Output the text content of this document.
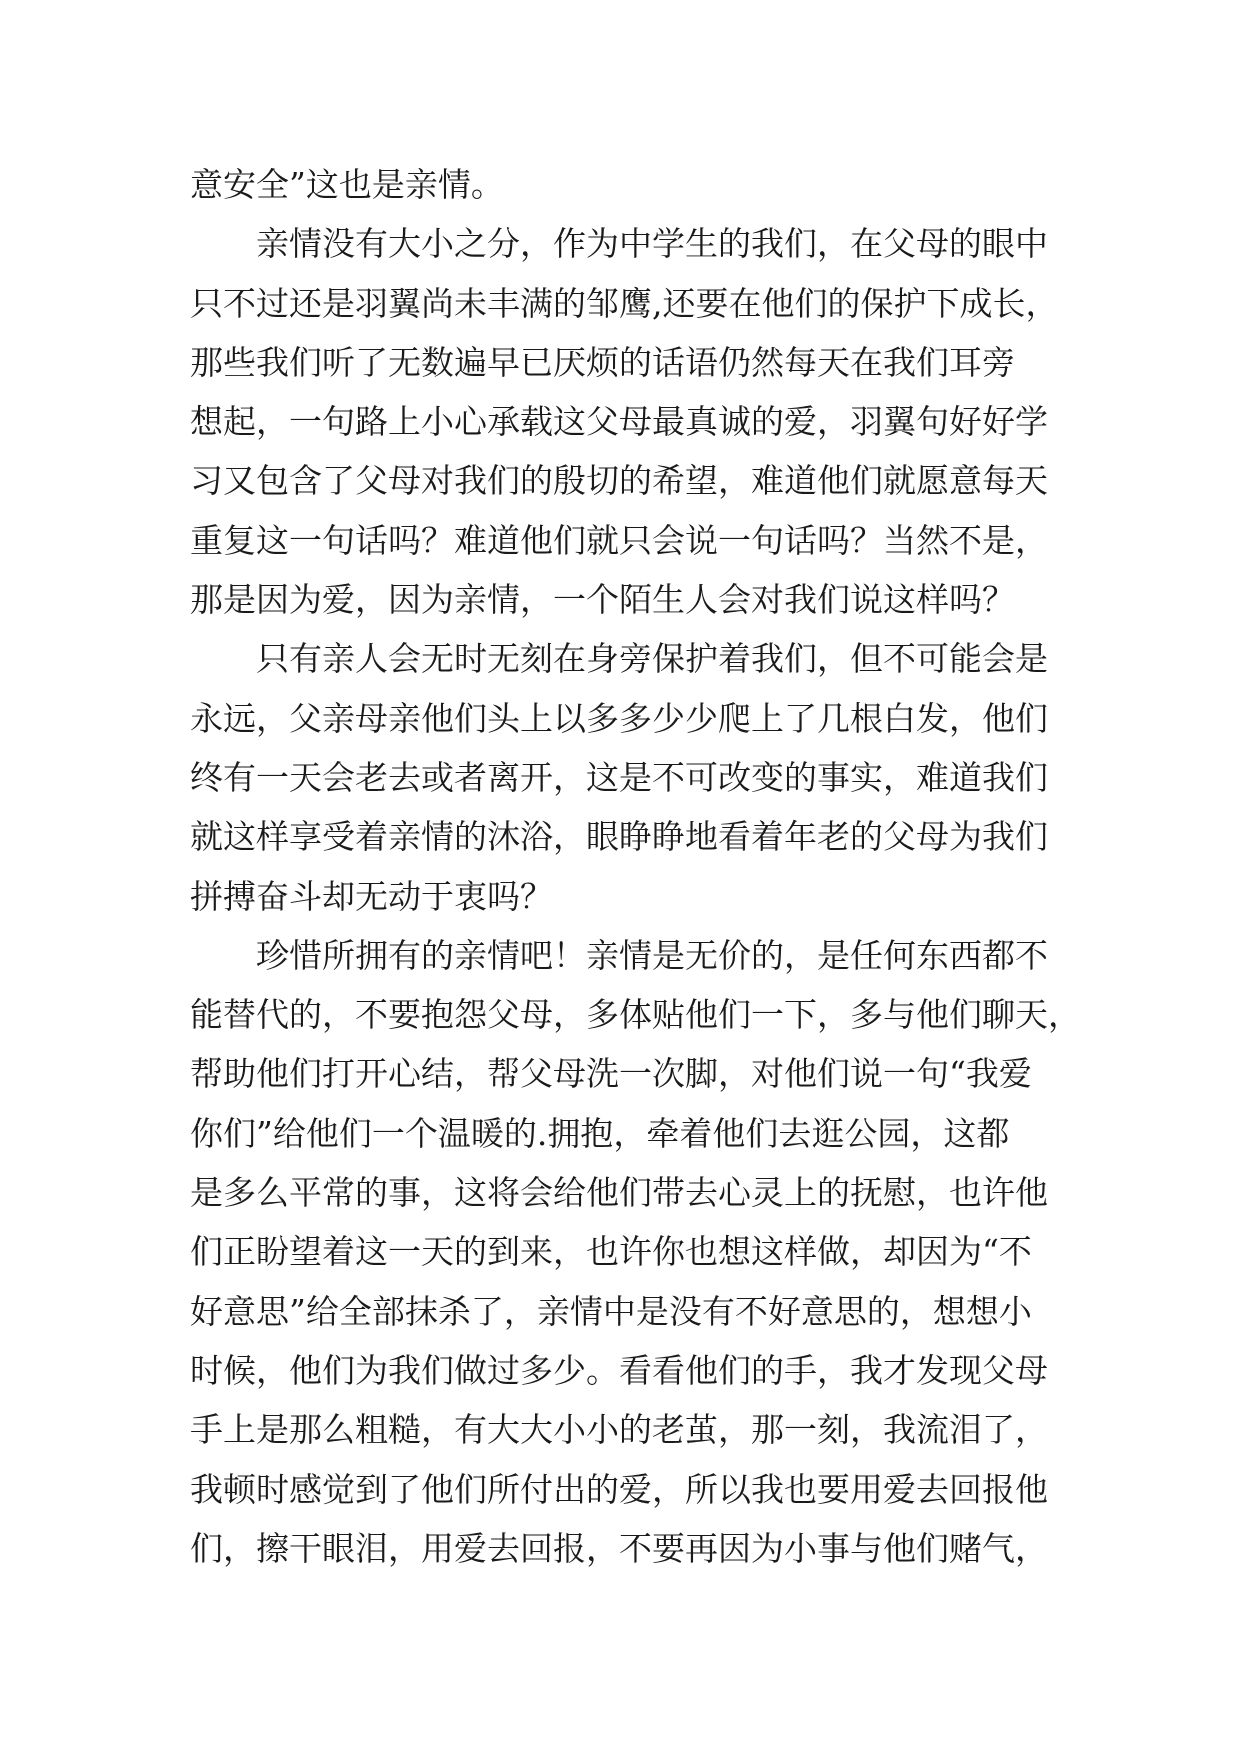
意安全”这也是亲情。
亲情没有大小之分，作为中学生的我们，在父母的眼中
只不过还是羽翼尚未丰满的邹鹰,还要在他们的保护下成长，
那些我们听了无数遍早已厌烦的话语仍然每天在我们耳旁
想起，一句路上小心承载这父母最真诚的爱，羽翼句好好学
习又包含了父母对我们的殷切的希望，难道他们就愿意每天
重复这一句话吗？难道他们就只会说一句话吗？当然不是，
那是因为爱，因为亲情，一个陌生人会对我们说这样吗？
只有亲人会无时无刻在身旁保护着我们，但不可能会是
永远，父亲母亲他们头上以多多少少爬上了几根白发，他们
终有一天会老去或者离开，这是不可改变的事实，难道我们
就这样享受着亲情的沐浴，眼睁睁地看着年老的父母为我们
拼搏奋斗却无动于衷吗？
珍惜所拥有的亲情吧！亲情是无价的，是任何东西都不
能替代的，不要抱怨父母，多体贴他们一下，多与他们聊天，
帮助他们打开心结，帮父母洗一次脚，对他们说一句“我爱
你们”给他们一个温暖的.拥抱，牵着他们去逛公园，这都
是多么平常的事，这将会给他们带去心灵上的抚慰，也许他
们正盼望着这一天的到来，也许你也想这样做，却因为“不
好意思”给全部抹杀了，亲情中是没有不好意思的，想想小
时候，他们为我们做过多少。看看他们的手，我才发现父母
手上是那么粗糙，有大大小小的老茧，那一刻，我流泪了，
我顿时感觉到了他们所付出的爱，所以我也要用爱去回报他
们，擦干眼泪，用爱去回报，不要再因为小事与他们赌气，
